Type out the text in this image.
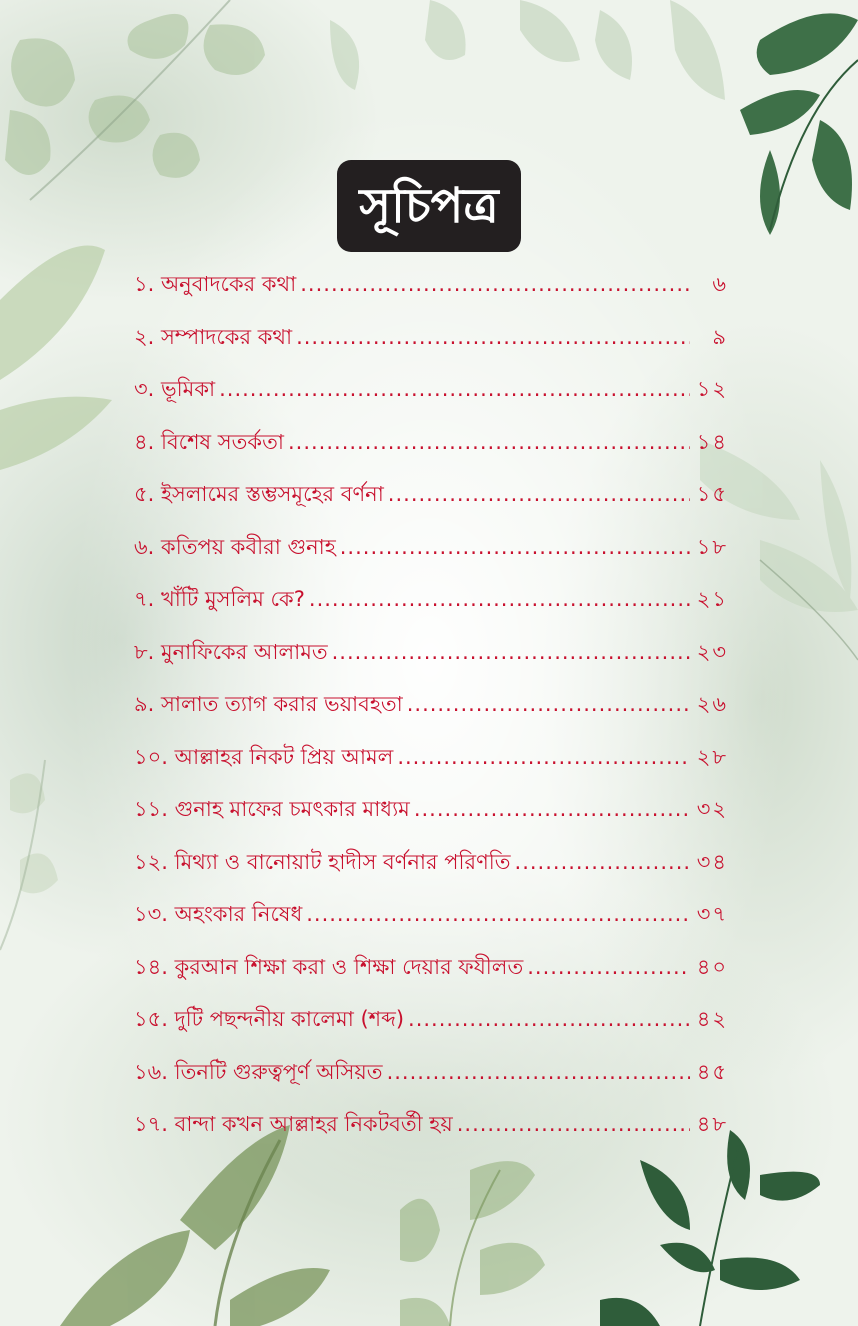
সূচিপত্র
১. অনুবাদকের কথা .....	৬
২. সম্পাদকের কথা .....	৯
৩. ভূমিকা .....	১২
৪. বিশেষ সতর্কতা .....	১৪
৫. ইসলামের স্তম্ভসমূহের বর্ণনা .....	১৫
৬. কতিপয় কবীরা গুনাহ .....	১৮
৭. খাঁটি মুসলিম কে? .....	২১
৮. মুনাফিকের আলামত .....	২৩
৯. সালাত ত্যাগ করার ভয়াবহতা .....	২৬
১০. আল্লাহর নিকট প্রিয় আমল .....	২৮
১১. গুনাহ মাফের চমৎকার মাধ্যম .....	৩২
১২. মিথ্যা ও বানোয়াট হাদীস বর্ণনার পরিণতি .....	৩৪
১৩. অহংকার নিষেধ .....	৩৭
১৪. কুরআন শিক্ষা করা ও শিক্ষা দেয়ার ফযীলত .....	৪০
১৫. দুটি পছন্দনীয় কালেমা (শব্দ) .....	৪২
১৬. তিনটি গুরুত্বপূর্ণ অসিয়ত .....	৪৫
১৭. বান্দা কখন আল্লাহর নিকটবর্তী হয় .....	৪৮
